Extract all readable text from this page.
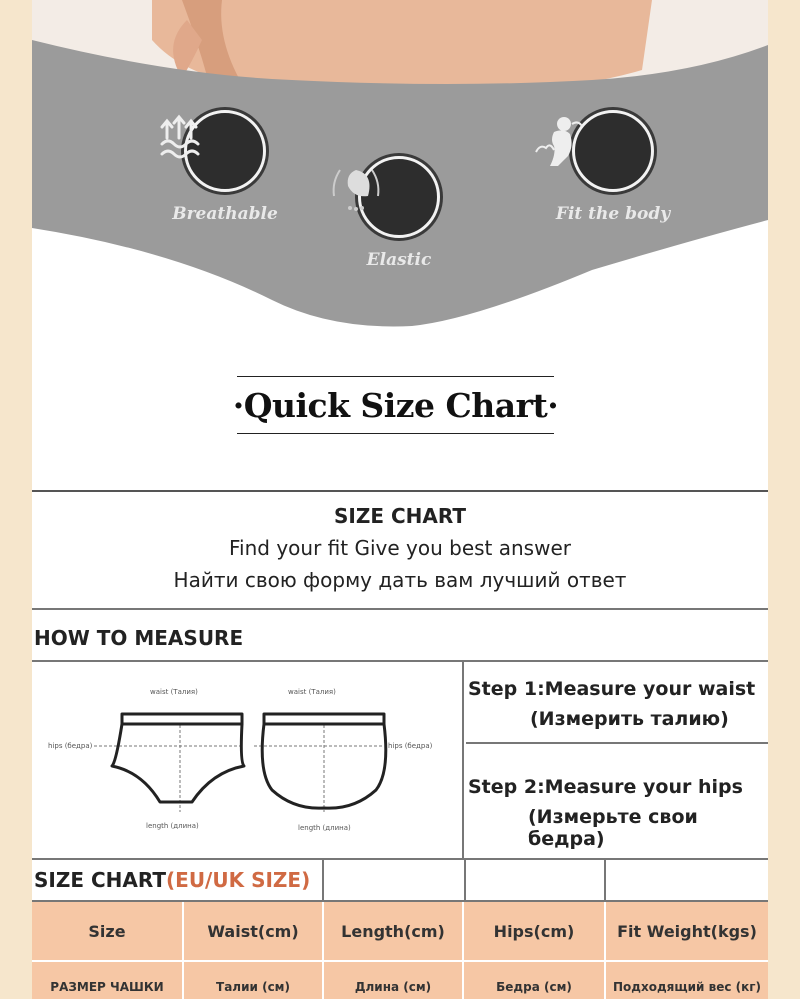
Breathable
Elastic
Fit the body
·Quick Size Chart·
SIZE CHART
Find your fit Give you best answer
Найти свою форму дать вам лучший ответ
HOW TO MEASURE
waist (Талия)	waist (Талия)
hips (бедра)	hips (бедра)
length (длина)	length (длина)
Step 1:Measure your waist
(Измерить талию)
Step 2:Measure your hips
(Измерьте свои бедра)
SIZE CHART(EU/UK SIZE)
Size	Waist(cm)	Length(cm)	Hips(cm)	Fit Weight(kgs)
РАЗМЕР ЧАШКИ	Талии (см)	Длина (см)	Бедра (см)	Подходящий вес (кг)
